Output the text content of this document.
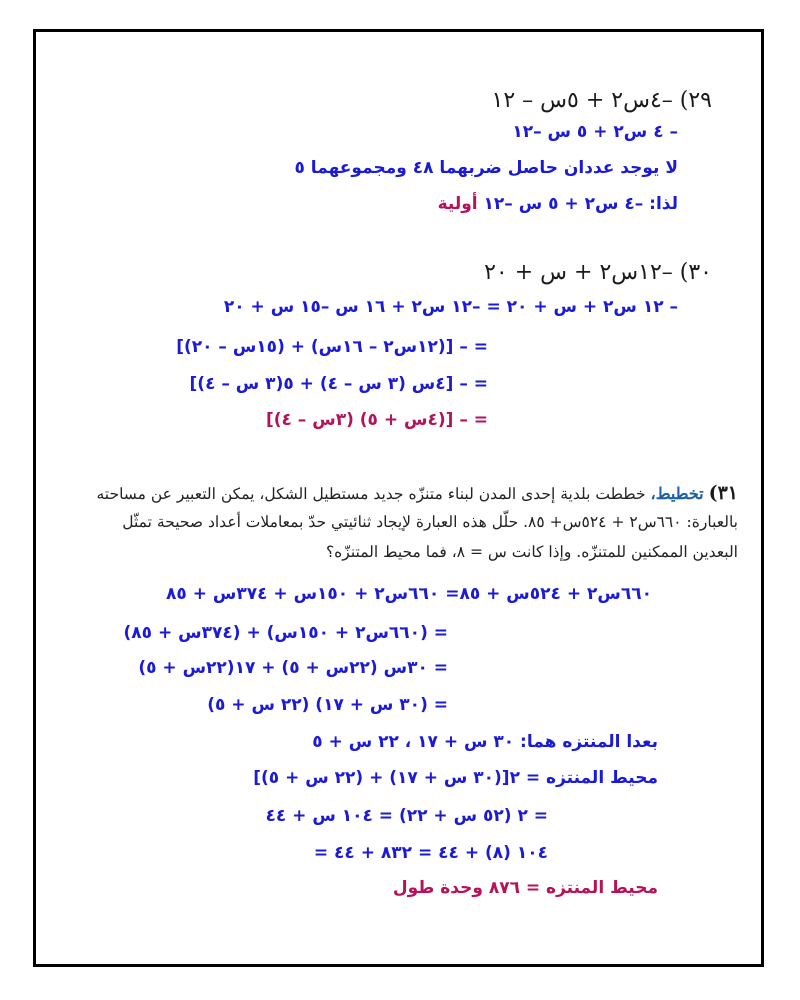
٢٩) –٤س٢ + ٥س – ١٢
– ٤ س٢ + ٥ س –١٢
لا يوجد عددان حاصل ضربهما ٤٨ ومجموعهما ٥
لذا: –٤ س٢ + ٥ س –١٢ أولية
٣٠) –١٢س٢ + س + ٢٠
– ١٢ س٢ + س + ٢٠ = –١٢ س٢ + ١٦ س –١٥ س + ٢٠
= – [(١٢س٢ – ١٦س) + (١٥س – ٢٠)]
= – [٤س (٣ س – ٤) + ٥(٣ س – ٤)]
= – [(٤س + ٥) (٣س – ٤)]
٣١) تخطيط، خططت بلدية إحدى المدن لبناء متنزّه جديد مستطيل الشكل، يمكن التعبير عن مساحته
بالعبارة: ٦٦٠س٢ + ٥٢٤س+ ٨٥. حلّل هذه العبارة لإيجاد ثنائيتي حدّ بمعاملات أعداد صحيحة تمثّل
البعدين الممكنين للمتنزّه. وإذا كانت س = ٨، فما محيط المتنزّه؟
٦٦٠س٢ + ٥٢٤س + ٨٥= ٦٦٠س٢ + ١٥٠س + ٣٧٤س + ٨٥
= (٦٦٠س٢ + ١٥٠س) + (٣٧٤س + ٨٥)
= ٣٠س (٢٢س + ٥) + ١٧(٢٢س + ٥)
= (٣٠ س + ١٧) (٢٢ س + ٥)
بعدا المنتزه هما: ٣٠ س + ١٧ ، ٢٢ س + ٥
محيط المنتزه = ٢[(٣٠ س + ١٧) + (٢٢ س + ٥)]
= ٢ (٥٢ س + ٢٢) = ١٠٤ س + ٤٤
= ١٠٤ (٨) + ٤٤ = ٨٣٢ + ٤٤
محيط المنتزه = ٨٧٦ وحدة طول
